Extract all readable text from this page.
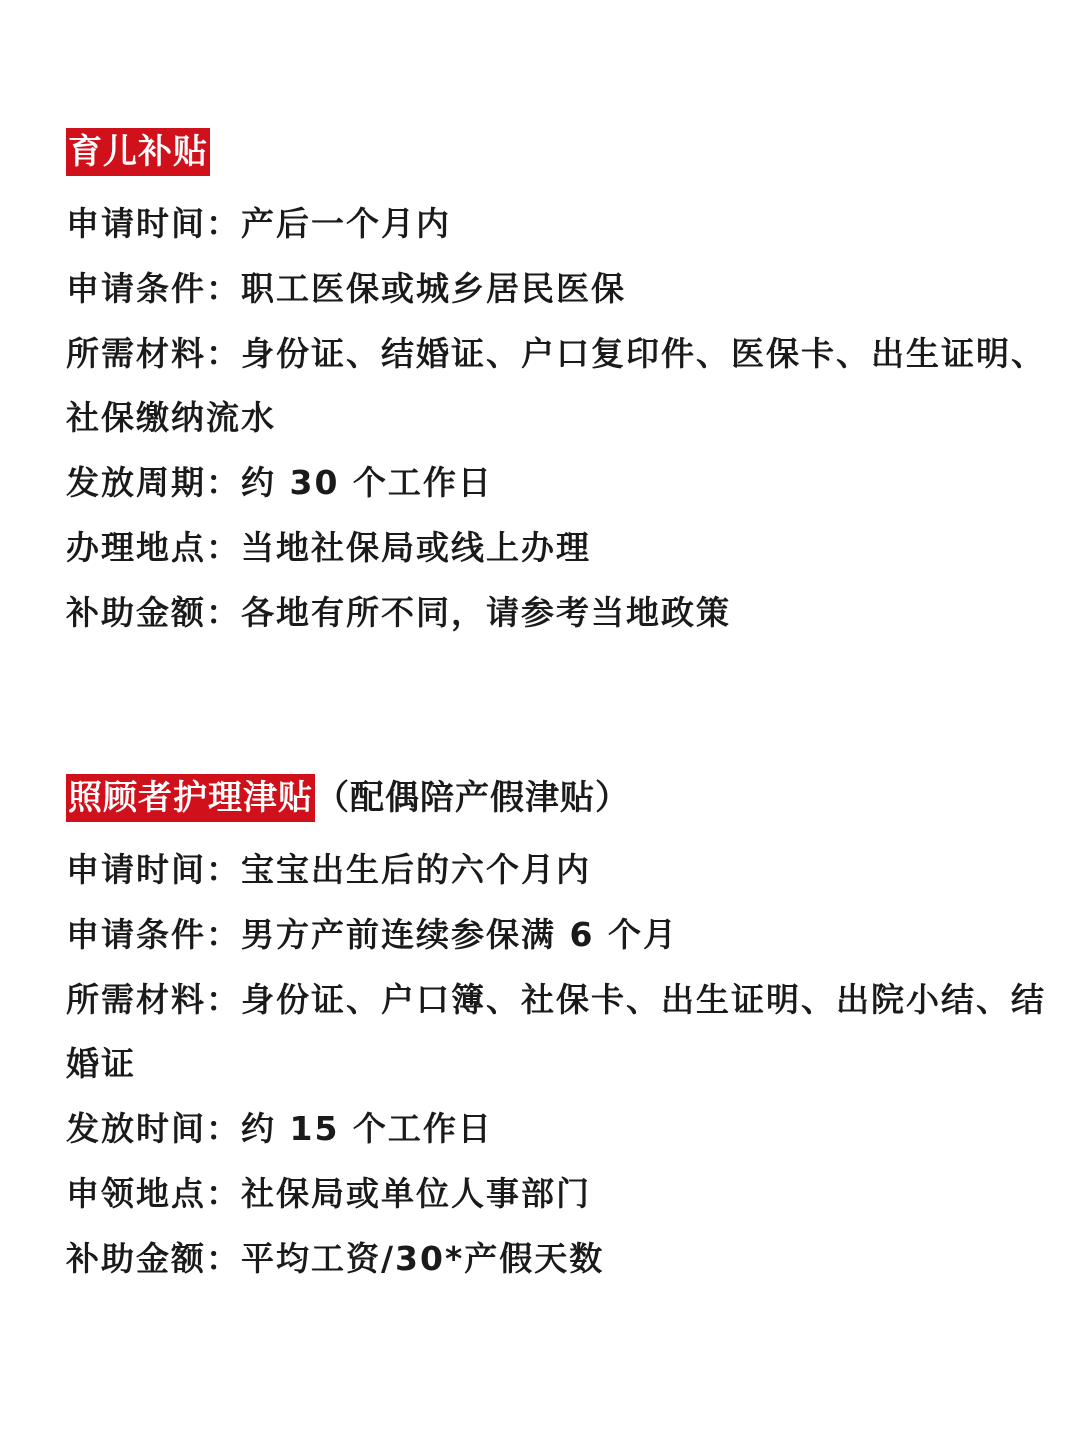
育儿补贴
申请时间：产后一个月内
申请条件：职工医保或城乡居民医保
所需材料：身份证、结婚证、户口复印件、医保卡、出生证明、社保缴纳流水
发放周期：约 30 个工作日
办理地点：当地社保局或线上办理
补助金额：各地有所不同，请参考当地政策
照顾者护理津贴 （配偶陪产假津贴）
申请时间：宝宝出生后的六个月内
申请条件：男方产前连续参保满 6 个月
所需材料：身份证、户口簿、社保卡、出生证明、出院小结、结婚证
发放时间：约 15 个工作日
申领地点：社保局或单位人事部门
补助金额：平均工资/30*产假天数
